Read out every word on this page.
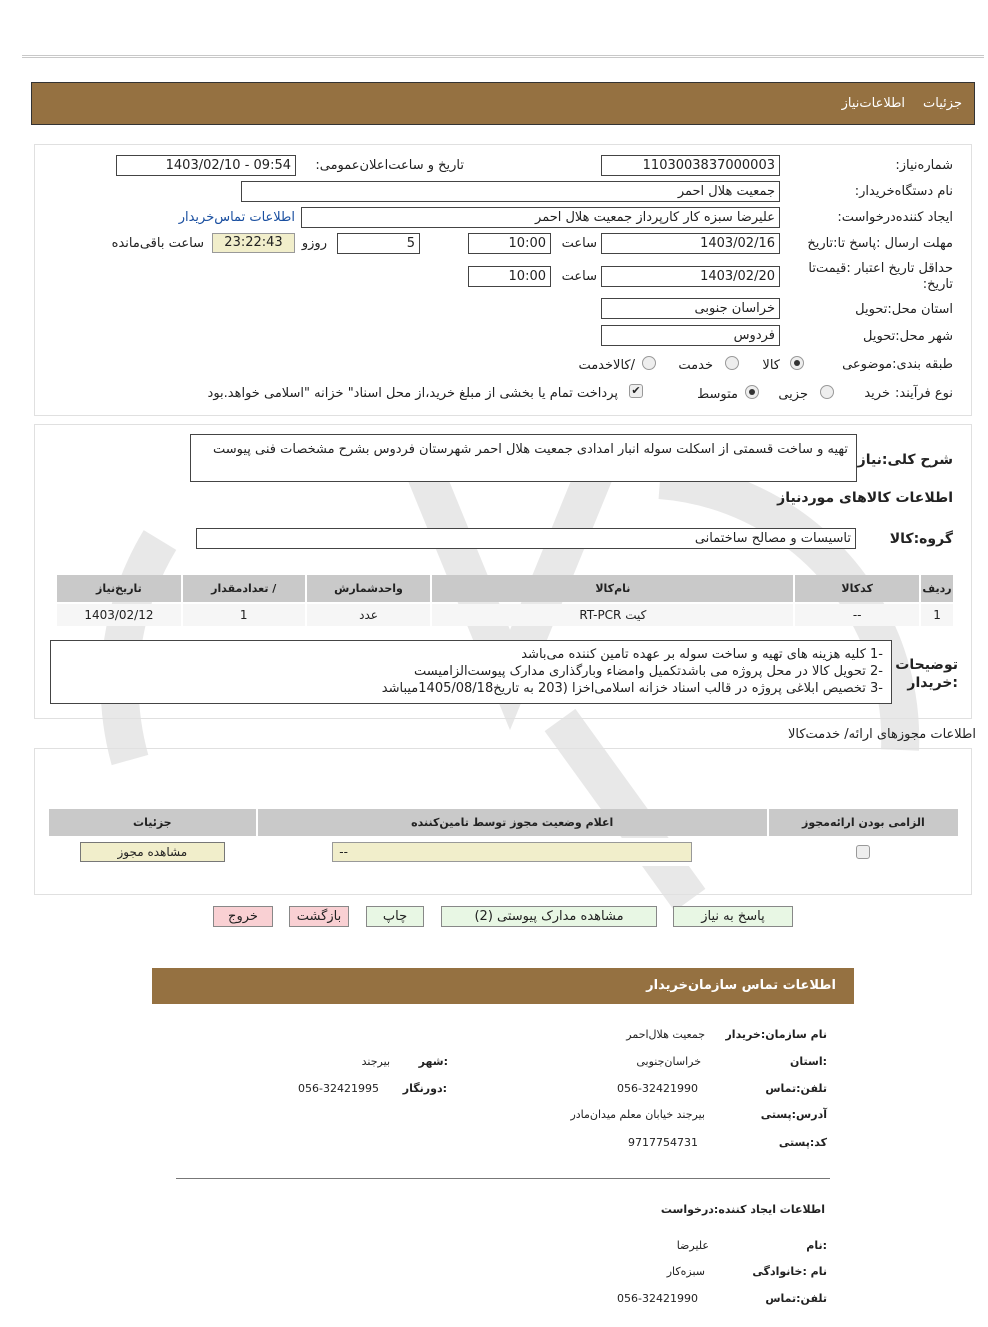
جزئیات
اطلاعات‌نیاز
شماره‌نیاز:
1103003837000003
تاریخ و ساعت‌اعلان‌عمومی:
1403/02/10 - 09:54
نام دستگاه‌خریدار:
جمعیت هلال احمر
ایجاد کننده‌درخواست:
علیرضا سبزه کار کارپرداز جمعیت هلال احمر
اطلاعات تماس‌خریدار
مهلت ارسال :پاسخ تا:تاریخ
1403/02/16
ساعت
10:00
5
روزو
23:22:43
ساعت باقی‌مانده
حداقل تاریخ اعتبار :قیمت‌تا تاریخ:
1403/02/20
ساعت
10:00
استان محل:تحویل
خراسان جنوبی
شهر محل:تحویل
فردوس
طبقه بندی:موضوعی
کالا
خدمت
/کالاخدمت
نوع فرآیند:
خرید
جزیی
متوسط
✔
پرداخت تمام یا بخشی از مبلغ خرید،از محل اسناد" خزانه "اسلامی خواهد.بود
شرح کلی:نیاز
تهیه و ساخت قسمتی از اسکلت سوله انبار امدادی جمعیت هلال احمر شهرستان فردوس بشرح مشخصات فنی پیوست
اطلاعات کالاهای موردنیاز
گروه:کالا
تاسیسات و مصالح ساختمانی
ردیف	کدکالا	نام‌کالا	واحدشمارش	/ تعدادمقدار	تاریخ‌نیاز
1	--	کیت RT-PCR	عدد	1	1403/02/12
توضیحات :خریدار
-1 کلیه هزینه های تهیه و ساخت سوله بر عهده تامین کننده می‌باشد
-2 تحویل کالا در محل پروژه می باشدتکمیل وامضاء وبارگذاری مدارک پیوست‌الزامیست
-3 تخصیص ابلاغی پروژه در قالب اسناد خزانه اسلامی‌اخزا (203 به تاریخ1405/08/18میباشد
اطلاعات مجوزهای ارائه/ خدمت‌کالا
الزامی بودن ارائه‌مجوز	اعلام وضعیت مجوز توسط تامین‌کننده	جزئیات

	--	مشاهده مجوز
پاسخ به نیاز
مشاهده مدارک پیوستی (2)
چاپ
بازگشت
خروج
اطلاعات تماس سازمان‌خریدار
نام سازمان:خریدار
جمعیت هلال‌احمر
:استان
خراسان‌جنوبی
:شهر
بیرجند
تلفن:تماس
056-32421990
:دورنگار
056-32421995
آدرس:پستی
بیرجند خیابان معلم میدان‌مادر
کد:پستی
9717754731
اطلاعات ایجاد کننده:درخواست
:نام
علیرضا
نام :خانوادگی
سبزه‌کار
تلفن:تماس
056-32421990
